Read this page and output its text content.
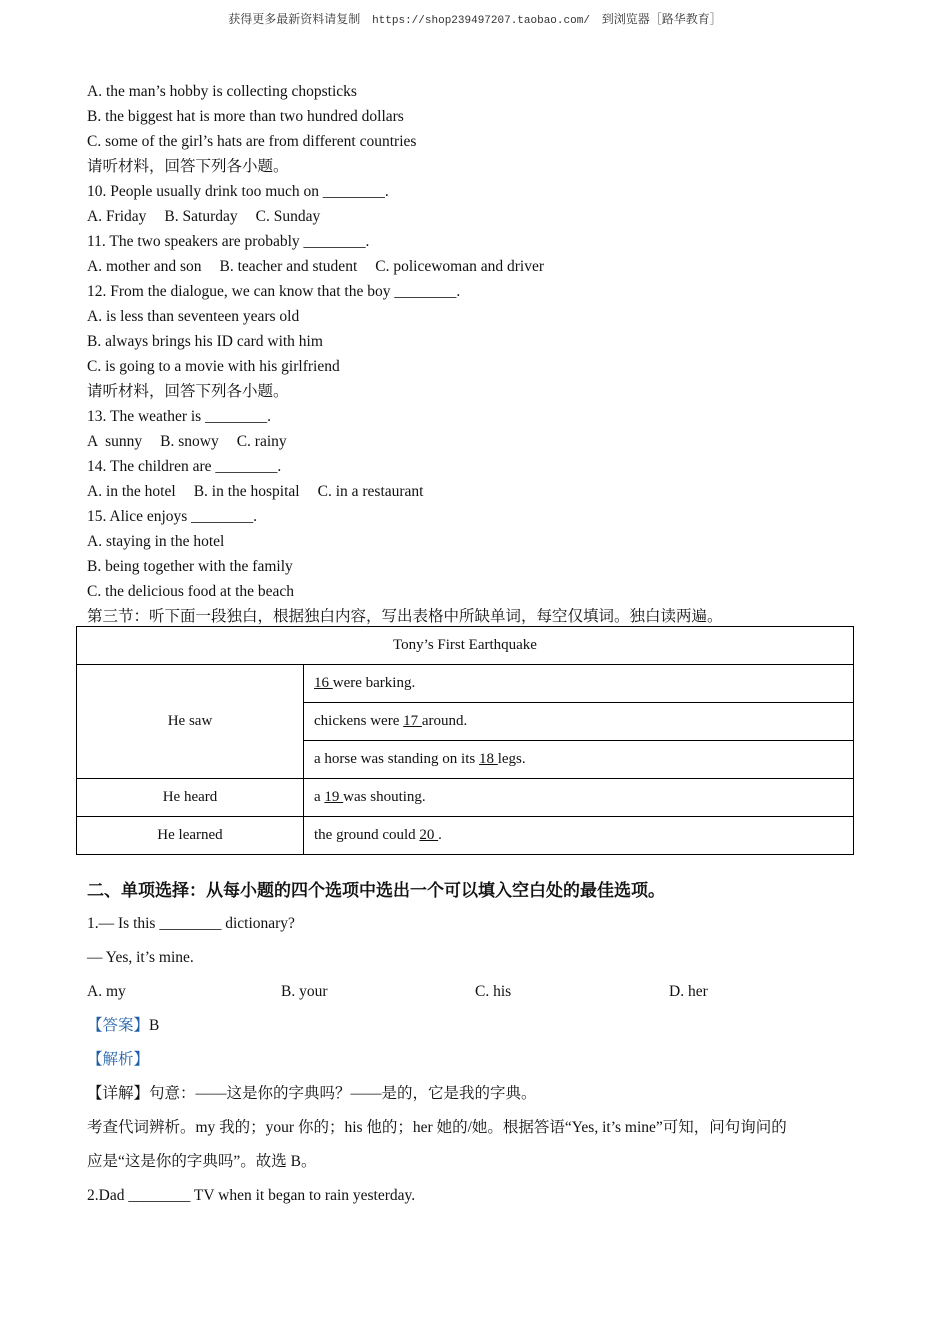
获得更多最新资料请复制 https://shop239497207.taobao.com/ 到浏览器［路华教育］
A. the man’s hobby is collecting chopsticks
B. the biggest hat is more than two hundred dollars
C. some of the girl’s hats are from different countries
请听材料，回答下列各小题。
10. People usually drink too much on ________.
A. Friday B. Saturday C. Sunday
11. The two speakers are probably ________.
A. mother and son B. teacher and student C. policewoman and driver
12. From the dialogue, we can know that the boy ________.
A. is less than seventeen years old
B. always brings his ID card with him
C. is going to a movie with his girlfriend
请听材料，回答下列各小题。
13. The weather is ________.
A  sunny B. snowy C. rainy
14. The children are ________.
A. in the hotel B. in the hospital C. in a restaurant
15. Alice enjoys ________.
A. staying in the hotel
B. being together with the family
C. the delicious food at the beach
第三节：听下面一段独白，根据独白内容，写出表格中所缺单词，每空仅填词。独白读两遍。
Tony’s First Earthquake	
He saw	16 were barking.
	chickens were 17 around.
	a horse was standing on its 18 legs.
He heard	a 19 was shouting.
He learned	the ground could 20 .
二、单项选择：从每小题的四个选项中选出一个可以填入空白处的最佳选项。
1.— Is this ________ dictionary?
— Yes, it’s mine.
A. my	B. your	C. his	D. her
【答案】B
【解析】
【详解】句意：——这是你的字典吗？——是的，它是我的字典。
考查代词辨析。my 我的；your 你的；his 他的；her 她的/她。根据答语“Yes, it’s mine”可知，问句询问的
应是“这是你的字典吗”。故选 B。
2.Dad ________ TV when it began to rain yesterday.
